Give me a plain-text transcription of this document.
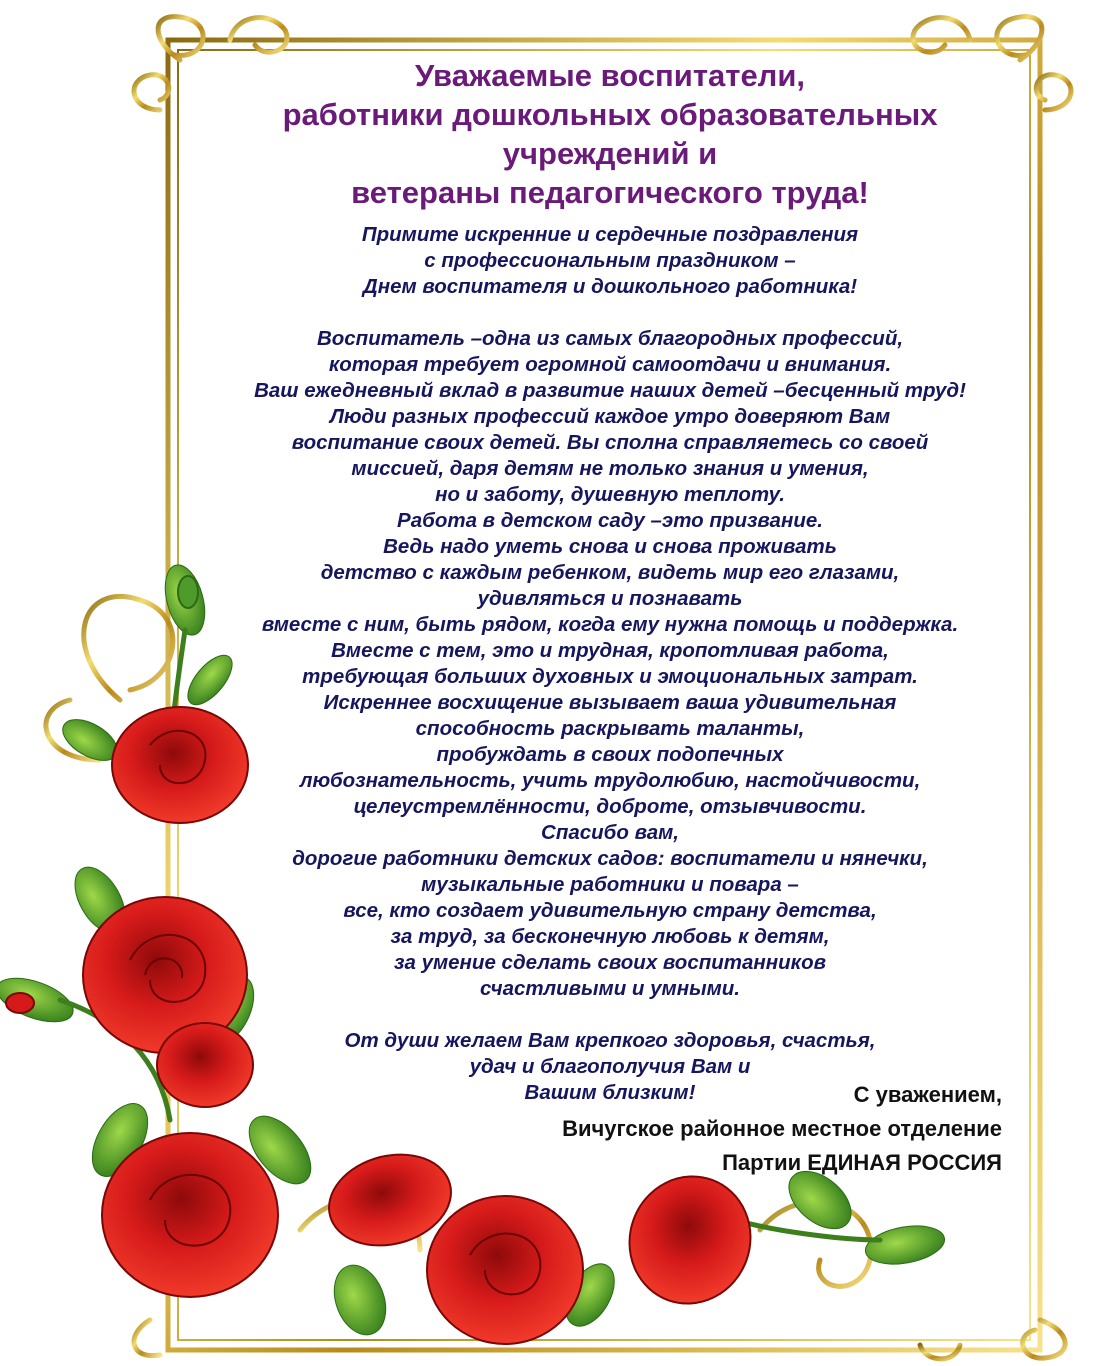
Уважаемые воспитатели,
работники дошкольных образовательных
учреждений и
ветераны педагогического труда!
Примите искренние и сердечные поздравления
с профессиональным праздником –
Днем воспитателя и дошкольного работника!
Воспитатель –одна из самых благородных профессий,
которая требует огромной самоотдачи и внимания.
Ваш ежедневный вклад в развитие наших детей –бесценный труд!
Люди разных профессий каждое утро доверяют Вам
воспитание своих детей. Вы сполна справляетесь со своей
миссией, даря детям не только знания и умения,
но и заботу, душевную теплоту.
Работа в детском саду –это призвание.
Ведь надо уметь снова и снова проживать
детство с каждым ребенком, видеть мир его глазами,
удивляться и познавать
вместе с ним, быть рядом, когда ему нужна помощь и поддержка.
Вместе с тем, это и трудная, кропотливая работа,
требующая больших духовных и эмоциональных затрат.
Искреннее восхищение вызывает ваша удивительная
способность раскрывать таланты,
пробуждать в своих подопечных
любознательность, учить трудолюбию, настойчивости,
целеустремлённости, доброте, отзывчивости.
Спасибо вам,
дорогие работники детских садов: воспитатели и нянечки,
музыкальные работники и повара –
все, кто создает удивительную страну детства,
за труд, за бесконечную любовь к детям,
за умение сделать своих воспитанников
счастливыми и умными.
От души желаем Вам крепкого здоровья, счастья,
удач и благополучия Вам и
Вашим близким!	С уважением,
Вичугское районное местное отделение
Партии ЕДИНАЯ РОССИЯ
